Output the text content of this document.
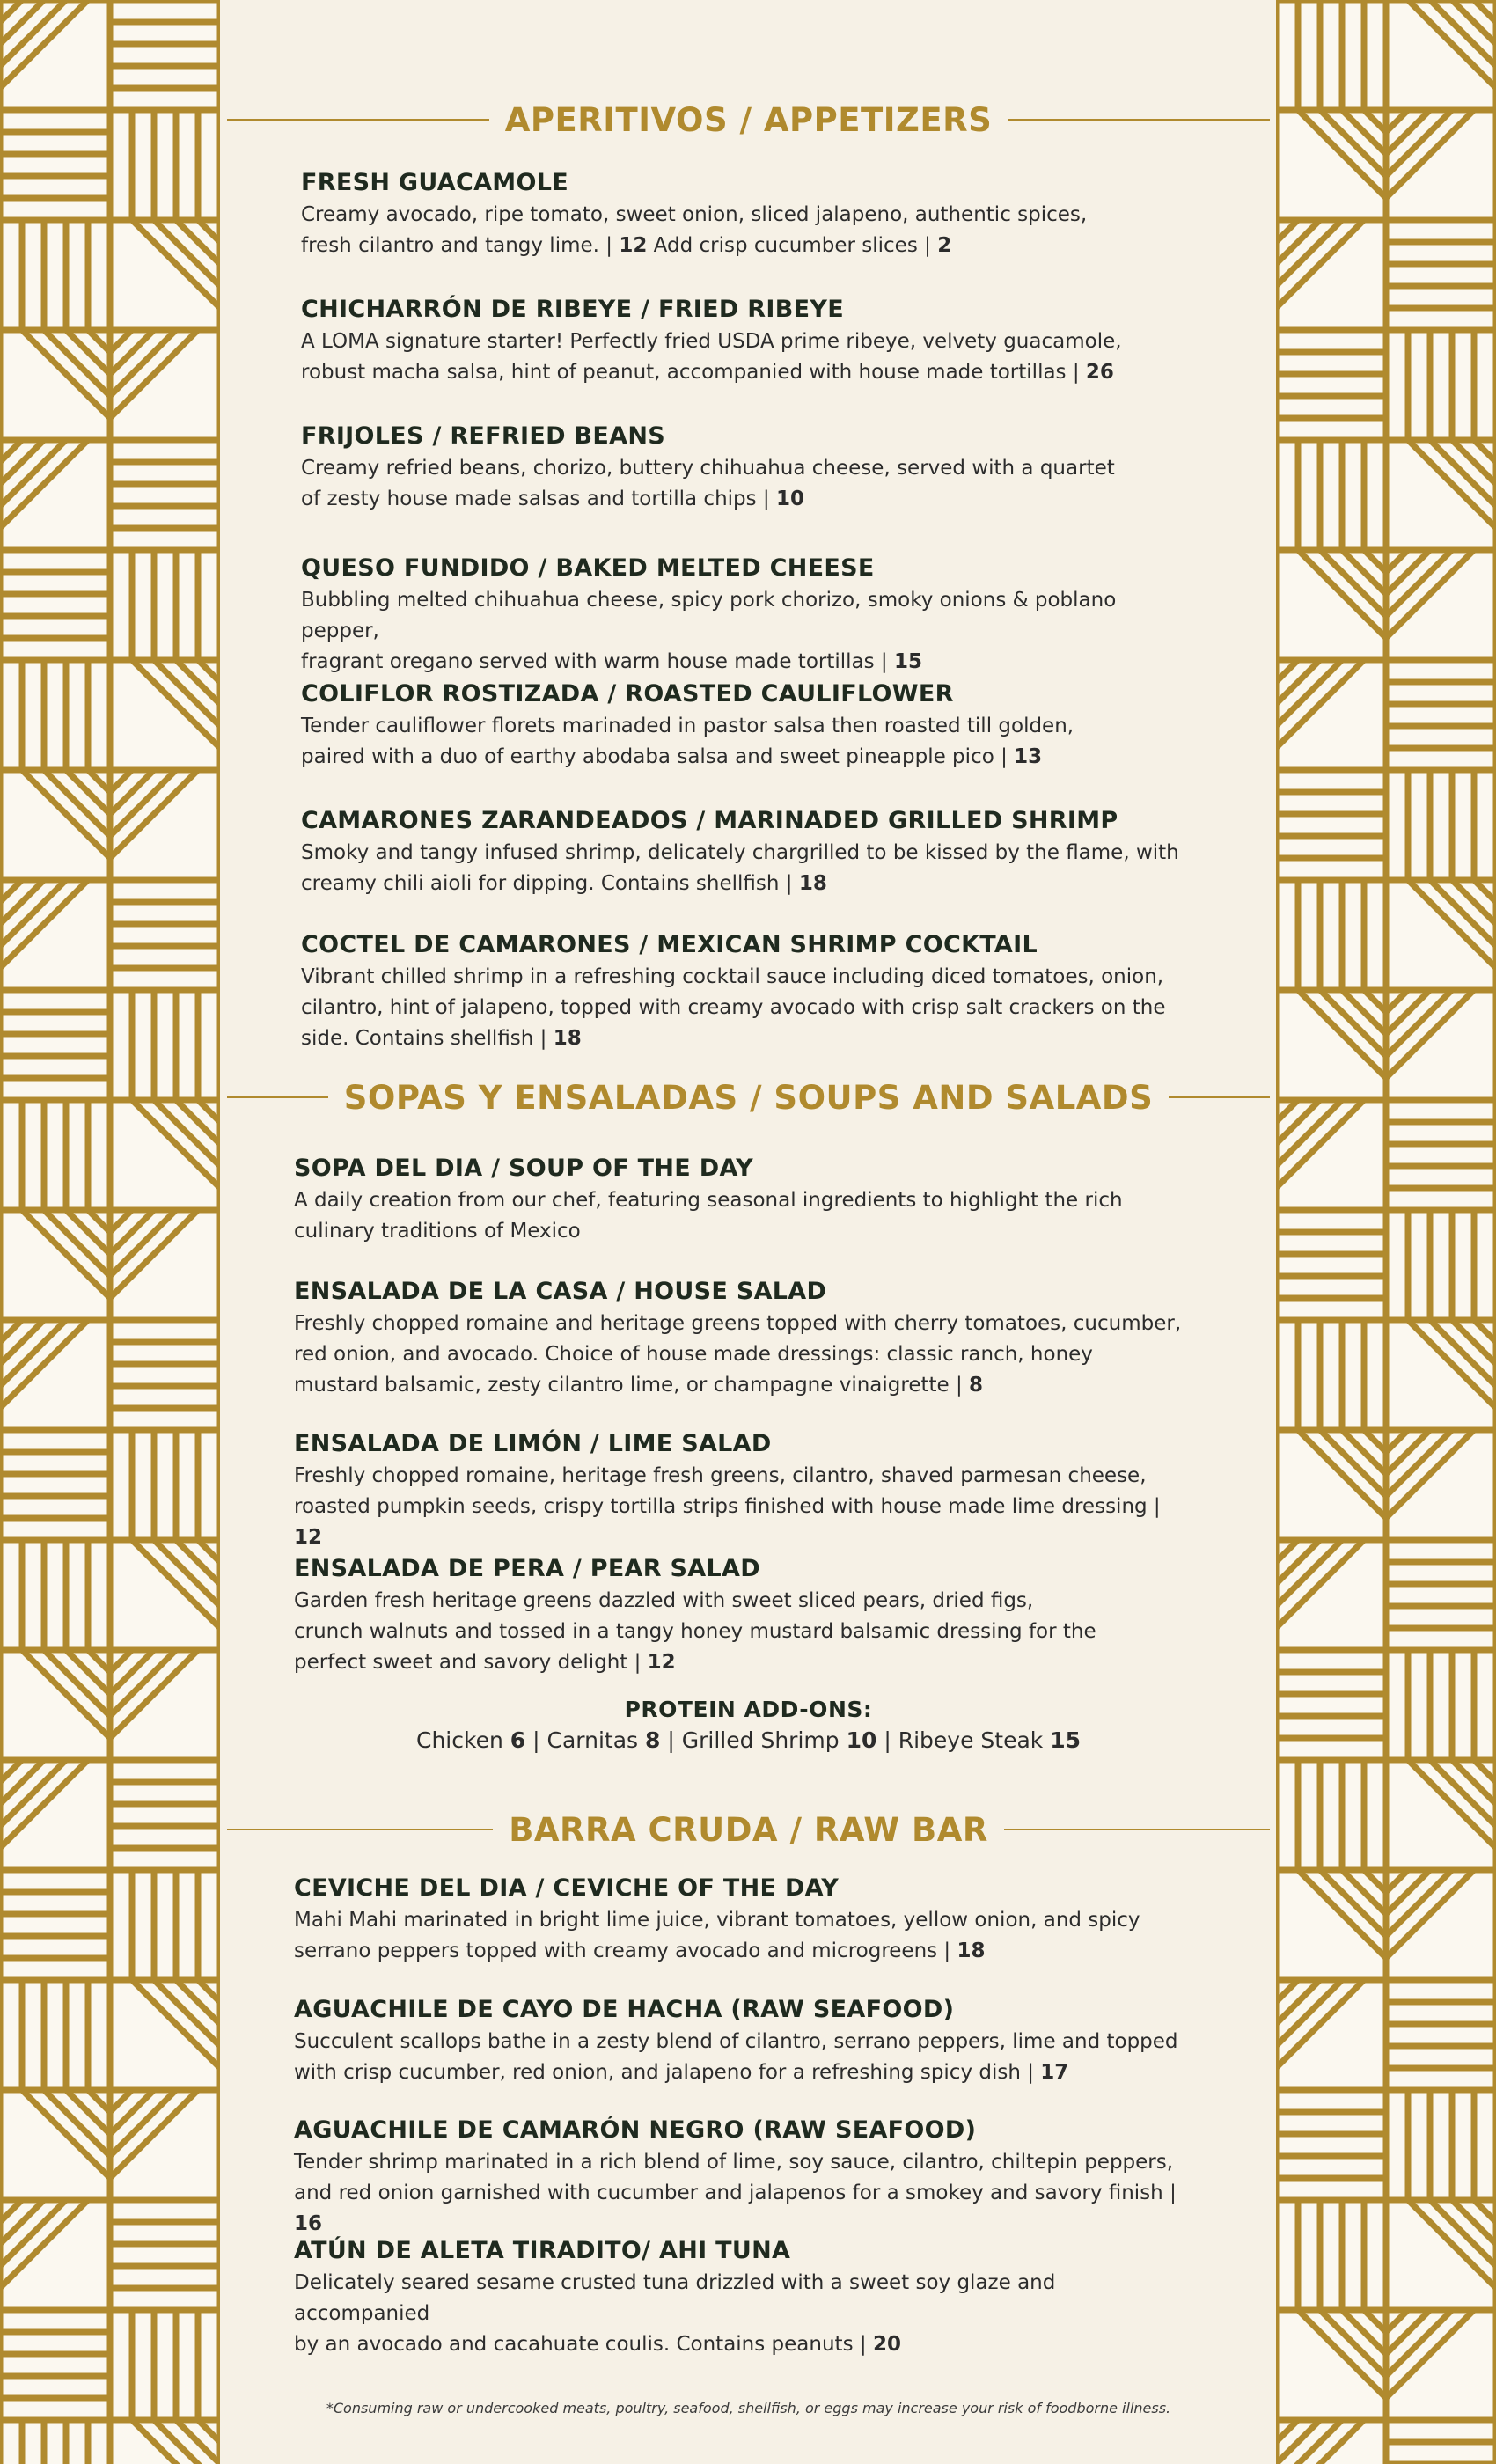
APERITIVOS / APPETIZERS
FRESH GUACAMOLE
Creamy avocado, ripe tomato, sweet onion, sliced jalapeno, authentic spices,
fresh cilantro and tangy lime. | 12 Add crisp cucumber slices | 2
CHICHARRÓN DE RIBEYE / FRIED RIBEYE
A LOMA signature starter! Perfectly fried USDA prime ribeye, velvety guacamole,
robust macha salsa, hint of peanut, accompanied with house made tortillas | 26
FRIJOLES / REFRIED BEANS
Creamy refried beans, chorizo, buttery chihuahua cheese, served with a quartet
of zesty house made salsas and tortilla chips | 10
QUESO FUNDIDO / BAKED MELTED CHEESE
Bubbling melted chihuahua cheese, spicy pork chorizo, smoky onions & poblano pepper,
fragrant oregano served with warm house made tortillas | 15
COLIFLOR ROSTIZADA / ROASTED CAULIFLOWER
Tender cauliflower florets marinaded in pastor salsa then roasted till golden,
paired with a duo of earthy abodaba salsa and sweet pineapple pico | 13
CAMARONES ZARANDEADOS / MARINADED GRILLED SHRIMP
Smoky and tangy infused shrimp, delicately chargrilled to be kissed by the flame, with
creamy chili aioli for dipping. Contains shellfish | 18
COCTEL DE CAMARONES / MEXICAN SHRIMP COCKTAIL
Vibrant chilled shrimp in a refreshing cocktail sauce including diced tomatoes, onion,
cilantro, hint of jalapeno, topped with creamy avocado with crisp salt crackers on the
side. Contains shellfish | 18
SOPAS Y ENSALADAS / SOUPS AND SALADS
SOPA DEL DIA / SOUP OF THE DAY
A daily creation from our chef, featuring seasonal ingredients to highlight the rich
culinary traditions of Mexico
ENSALADA DE LA CASA / HOUSE SALAD
Freshly chopped romaine and heritage greens topped with cherry tomatoes, cucumber,
red onion, and avocado. Choice of house made dressings: classic ranch, honey
mustard balsamic, zesty cilantro lime, or champagne vinaigrette | 8
ENSALADA DE LIMÓN / LIME SALAD
Freshly chopped romaine, heritage fresh greens, cilantro, shaved parmesan cheese,
roasted pumpkin seeds, crispy tortilla strips finished with house made lime dressing | 12
ENSALADA DE PERA / PEAR SALAD
Garden fresh heritage greens dazzled with sweet sliced pears, dried figs,
crunch walnuts and tossed in a tangy honey mustard balsamic dressing for the
perfect sweet and savory delight | 12
PROTEIN ADD-ONS:
Chicken 6 | Carnitas 8 | Grilled Shrimp 10 | Ribeye Steak 15
BARRA CRUDA / RAW BAR
CEVICHE DEL DIA / CEVICHE OF THE DAY
Mahi Mahi marinated in bright lime juice, vibrant tomatoes, yellow onion, and spicy
serrano peppers topped with creamy avocado and microgreens | 18
AGUACHILE DE CAYO DE HACHA (RAW SEAFOOD)
Succulent scallops bathe in a zesty blend of cilantro, serrano peppers, lime and topped
with crisp cucumber, red onion, and jalapeno for a refreshing spicy dish | 17
AGUACHILE DE CAMARÓN NEGRO (RAW SEAFOOD)
Tender shrimp marinated in a rich blend of lime, soy sauce, cilantro, chiltepin peppers,
and red onion garnished with cucumber and jalapenos for a smokey and savory finish | 16
ATÚN DE ALETA TIRADITO/ AHI TUNA
Delicately seared sesame crusted tuna drizzled with a sweet soy glaze and accompanied
by an avocado and cacahuate coulis. Contains peanuts | 20
*Consuming raw or undercooked meats, poultry, seafood, shellfish, or eggs may increase your risk of foodborne illness.
